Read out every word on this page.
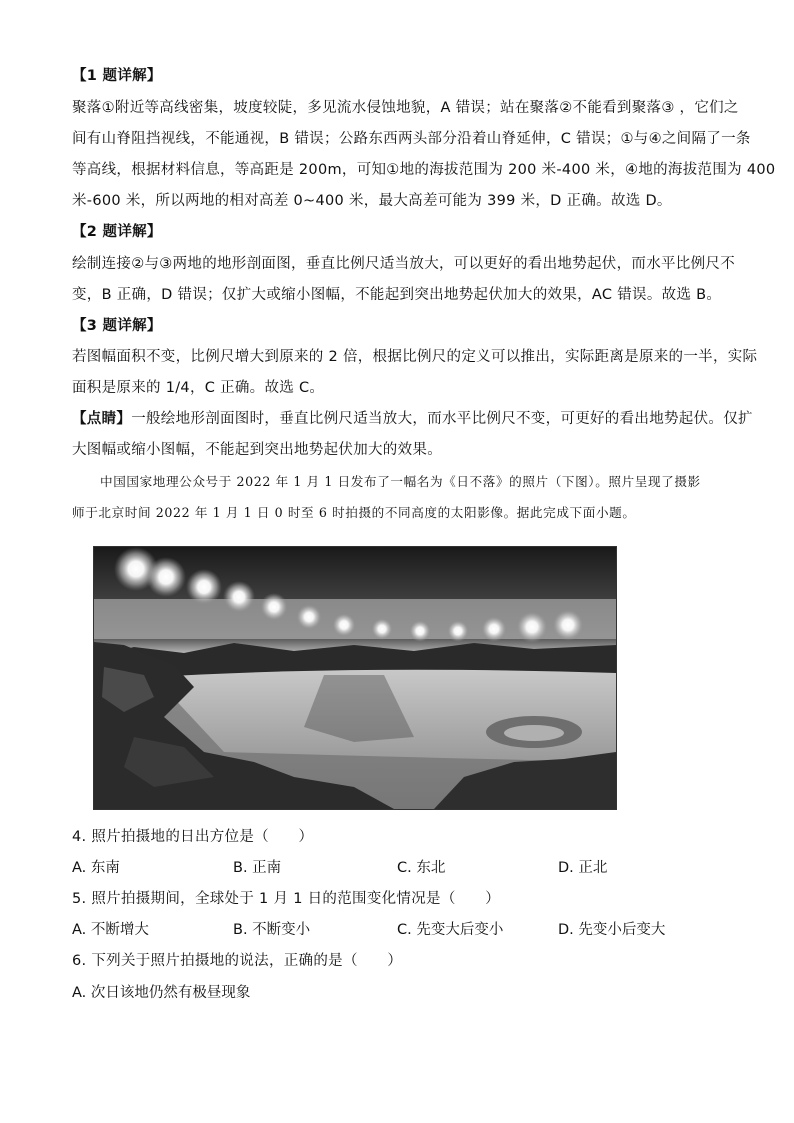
【1 题详解】
聚落①附近等高线密集，坡度较陡，多见流水侵蚀地貌，A 错误；站在聚落②不能看到聚落③ ，它们之
间有山脊阻挡视线，不能通视，B 错误；公路东西两头部分沿着山脊延伸，C 错误；①与④之间隔了一条
等高线，根据材料信息，等高距是 200m，可知①地的海拔范围为 200 米-400 米，④地的海拔范围为 400
米-600 米，所以两地的相对高差 0~400 米，最大高差可能为 399 米，D 正确。故选 D。
【2 题详解】
绘制连接②与③两地的地形剖面图，垂直比例尺适当放大，可以更好的看出地势起伏，而水平比例尺不
变，B 正确，D 错误；仅扩大或缩小图幅，不能起到突出地势起伏加大的效果，AC 错误。故选 B。
【3 题详解】
若图幅面积不变，比例尺增大到原来的 2 倍，根据比例尺的定义可以推出，实际距离是原来的一半，实际
面积是原来的 1/4，C 正确。故选 C。
【点睛】一般绘地形剖面图时，垂直比例尺适当放大，而水平比例尺不变，可更好的看出地势起伏。仅扩
大图幅或缩小图幅，不能起到突出地势起伏加大的效果。
中国国家地理公众号于 2022 年 1 月 1 日发布了一幅名为《日不落》的照片（下图）。照片呈现了摄影
师于北京时间 2022 年 1 月 1 日 0 时至 6 时拍摄的不同高度的太阳影像。据此完成下面小题。
4. 照片拍摄地的日出方位是（　　）
A. 东南	B. 正南	C. 东北	D. 正北
5. 照片拍摄期间，全球处于 1 月 1 日的范围变化情况是（　　）
A. 不断增大	B. 不断变小	C. 先变大后变小	D. 先变小后变大
6. 下列关于照片拍摄地的说法，正确的是（　　）
A. 次日该地仍然有极昼现象
